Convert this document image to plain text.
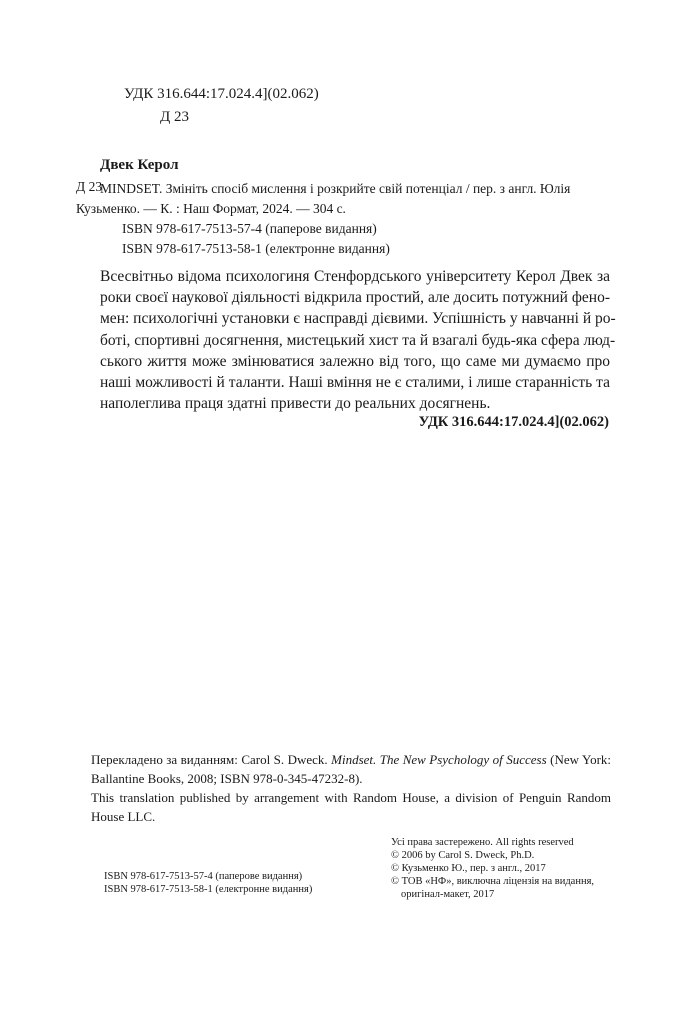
УДК 316.644:17.024.4](02.062)
Д 23
Двек Керол
Д 23
MINDSET. Змініть спосіб мислення і розкрийте свій потенціал / пер. з англ. Юлія
Кузьменко. — К. : Наш Формат, 2024. — 304 с.
ISBN 978-617-7513-57-4 (паперове видання)
ISBN 978-617-7513-58-1 (електронне видання)
Всесвітньо відома психологиня Стенфордського університету Керол Двек за
роки своєї наукової діяльності відкрила простий, але досить потужний фено-
мен: психологічні установки є насправді дієвими. Успішність у навчанні й ро-
боті, спортивні досягнення, мистецький хист та й взагалі будь-яка сфера люд-
ського життя може змінюватися залежно від того, що саме ми думаємо про
наші можливості й таланти. Наші вміння не є сталими, і лише старанність та
наполеглива праця здатні привести до реальних досягнень.
УДК 316.644:17.024.4](02.062)
Перекладено за виданням: Carol S. Dweck. Mindset. The New Psychology of Success (New York:
Ballantine Books, 2008; ISBN 978-0-345-47232-8).
This translation published by arrangement with Random House, a division of Penguin Random
House LLC.
Усі права застережено. All rights reserved
© 2006 by Carol S. Dweck, Ph.D.
© Кузьменко Ю., пер. з англ., 2017
© ТОВ «НФ», виключна ліцензія на видання,
оригінал-макет, 2017
ISBN 978-617-7513-57-4 (паперове видання)
ISBN 978-617-7513-58-1 (електронне видання)
